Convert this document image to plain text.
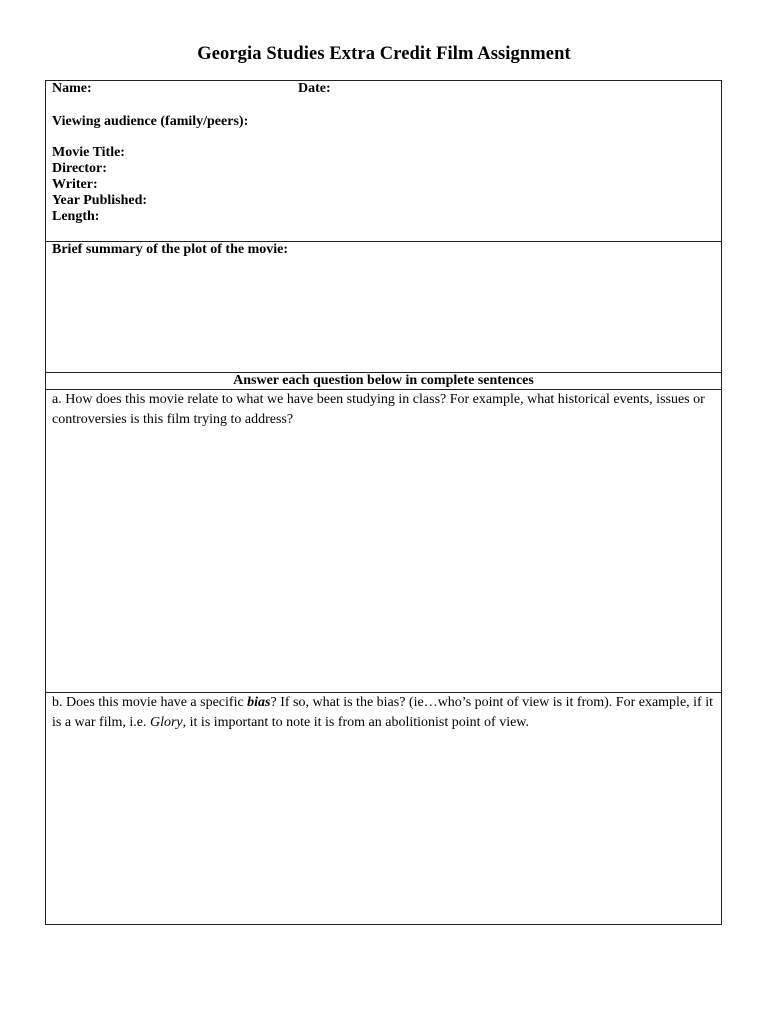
Georgia Studies Extra Credit Film Assignment
Name:	Date:
Viewing audience (family/peers):
Movie Title:
Director:
Writer:
Year Published:
Length:
Brief summary of the plot of the movie:
Answer each question below in complete sentences
a. How does this movie relate to what we have been studying in class? For example, what historical events, issues or controversies is this film trying to address?
b. Does this movie have a specific bias? If so, what is the bias? (ie…who’s point of view is it from). For example, if it is a war film, i.e. Glory, it is important to note it is from an abolitionist point of view.
